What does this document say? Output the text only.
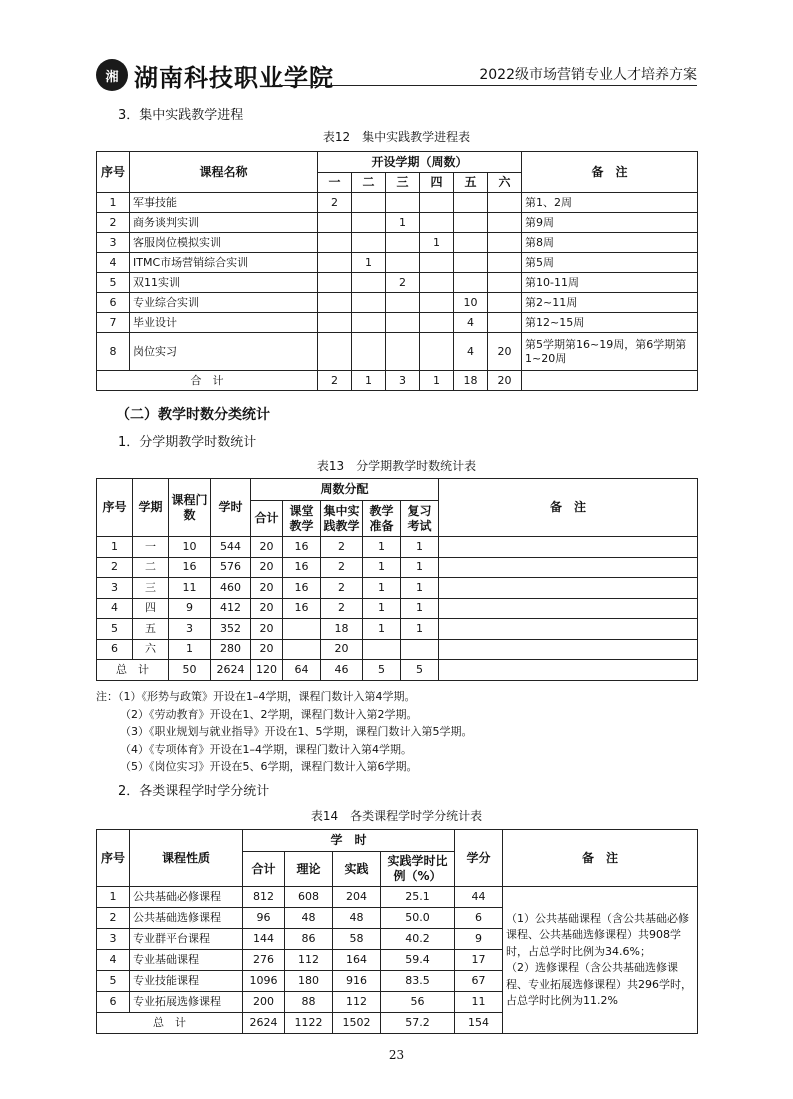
湘 湖南科技职业学院	2022级市场营销专业人才培养方案
3．集中实践教学进程
表12　集中实践教学进程表
序号	课程名称	开设学期（周数）						备　注
		一	二	三	四	五	六	
1	军事技能	2						第1、2周
2	商务谈判实训			1				第9周
3	客服岗位模拟实训				1			第8周
4	ITMC市场营销综合实训		1					第5周
5	双11实训			2				第10-11周
6	专业综合实训					10		第2~11周
7	毕业设计					4		第12~15周
8	岗位实习					4	20	第5学期第16~19周，第6学期第1~20周
合　计		2	1	3	1	18	20	
（二）教学时数分类统计
1．分学期教学时数统计
表13　分学期教学时数统计表
序号	学期	课程门数	学时	周数分配					备　注
				合计	课堂教学	集中实践教学	教学准备	复习考试	
1	一	10	544	20	16	2	1	1	
2	二	16	576	20	16	2	1	1	
3	三	11	460	20	16	2	1	1	
4	四	9	412	20	16	2	1	1	
5	五	3	352	20		18	1	1	
6	六	1	280	20		20			
总　计		50	2624	120	64	46	5	5	
注：（1）《形势与政策》开设在1–4学期，课程门数计入第4学期。
（2）《劳动教育》开设在1、2学期，课程门数计入第2学期。
（3）《职业规划与就业指导》开设在1、5学期，课程门数计入第5学期。
（4）《专项体育》开设在1–4学期，课程门数计入第4学期。
（5）《岗位实习》开设在5、6学期，课程门数计入第6学期。
2．各类课程学时学分统计
表14　各类课程学时学分统计表
序号	课程性质	学　时				学分	备　注
		合计	理论	实践	实践学时比例（%）		
1	公共基础必修课程	812	608	204	25.1	44	（1）公共基础课程（含公共基础必修课程、公共基础选修课程）共908学时，占总学时比例为34.6%；
（2）选修课程（含公共基础选修课程、专业拓展选修课程）共296学时，占总学时比例为11.2%

2	公共基础选修课程	96	48	48	50.0	6	
3	专业群平台课程	144	86	58	40.2	9	
4	专业基础课程	276	112	164	59.4	17	
5	专业技能课程	1096	180	916	83.5	67	
6	专业拓展选修课程	200	88	112	56	11	
总　计		2624	1122	1502	57.2	154	
23
